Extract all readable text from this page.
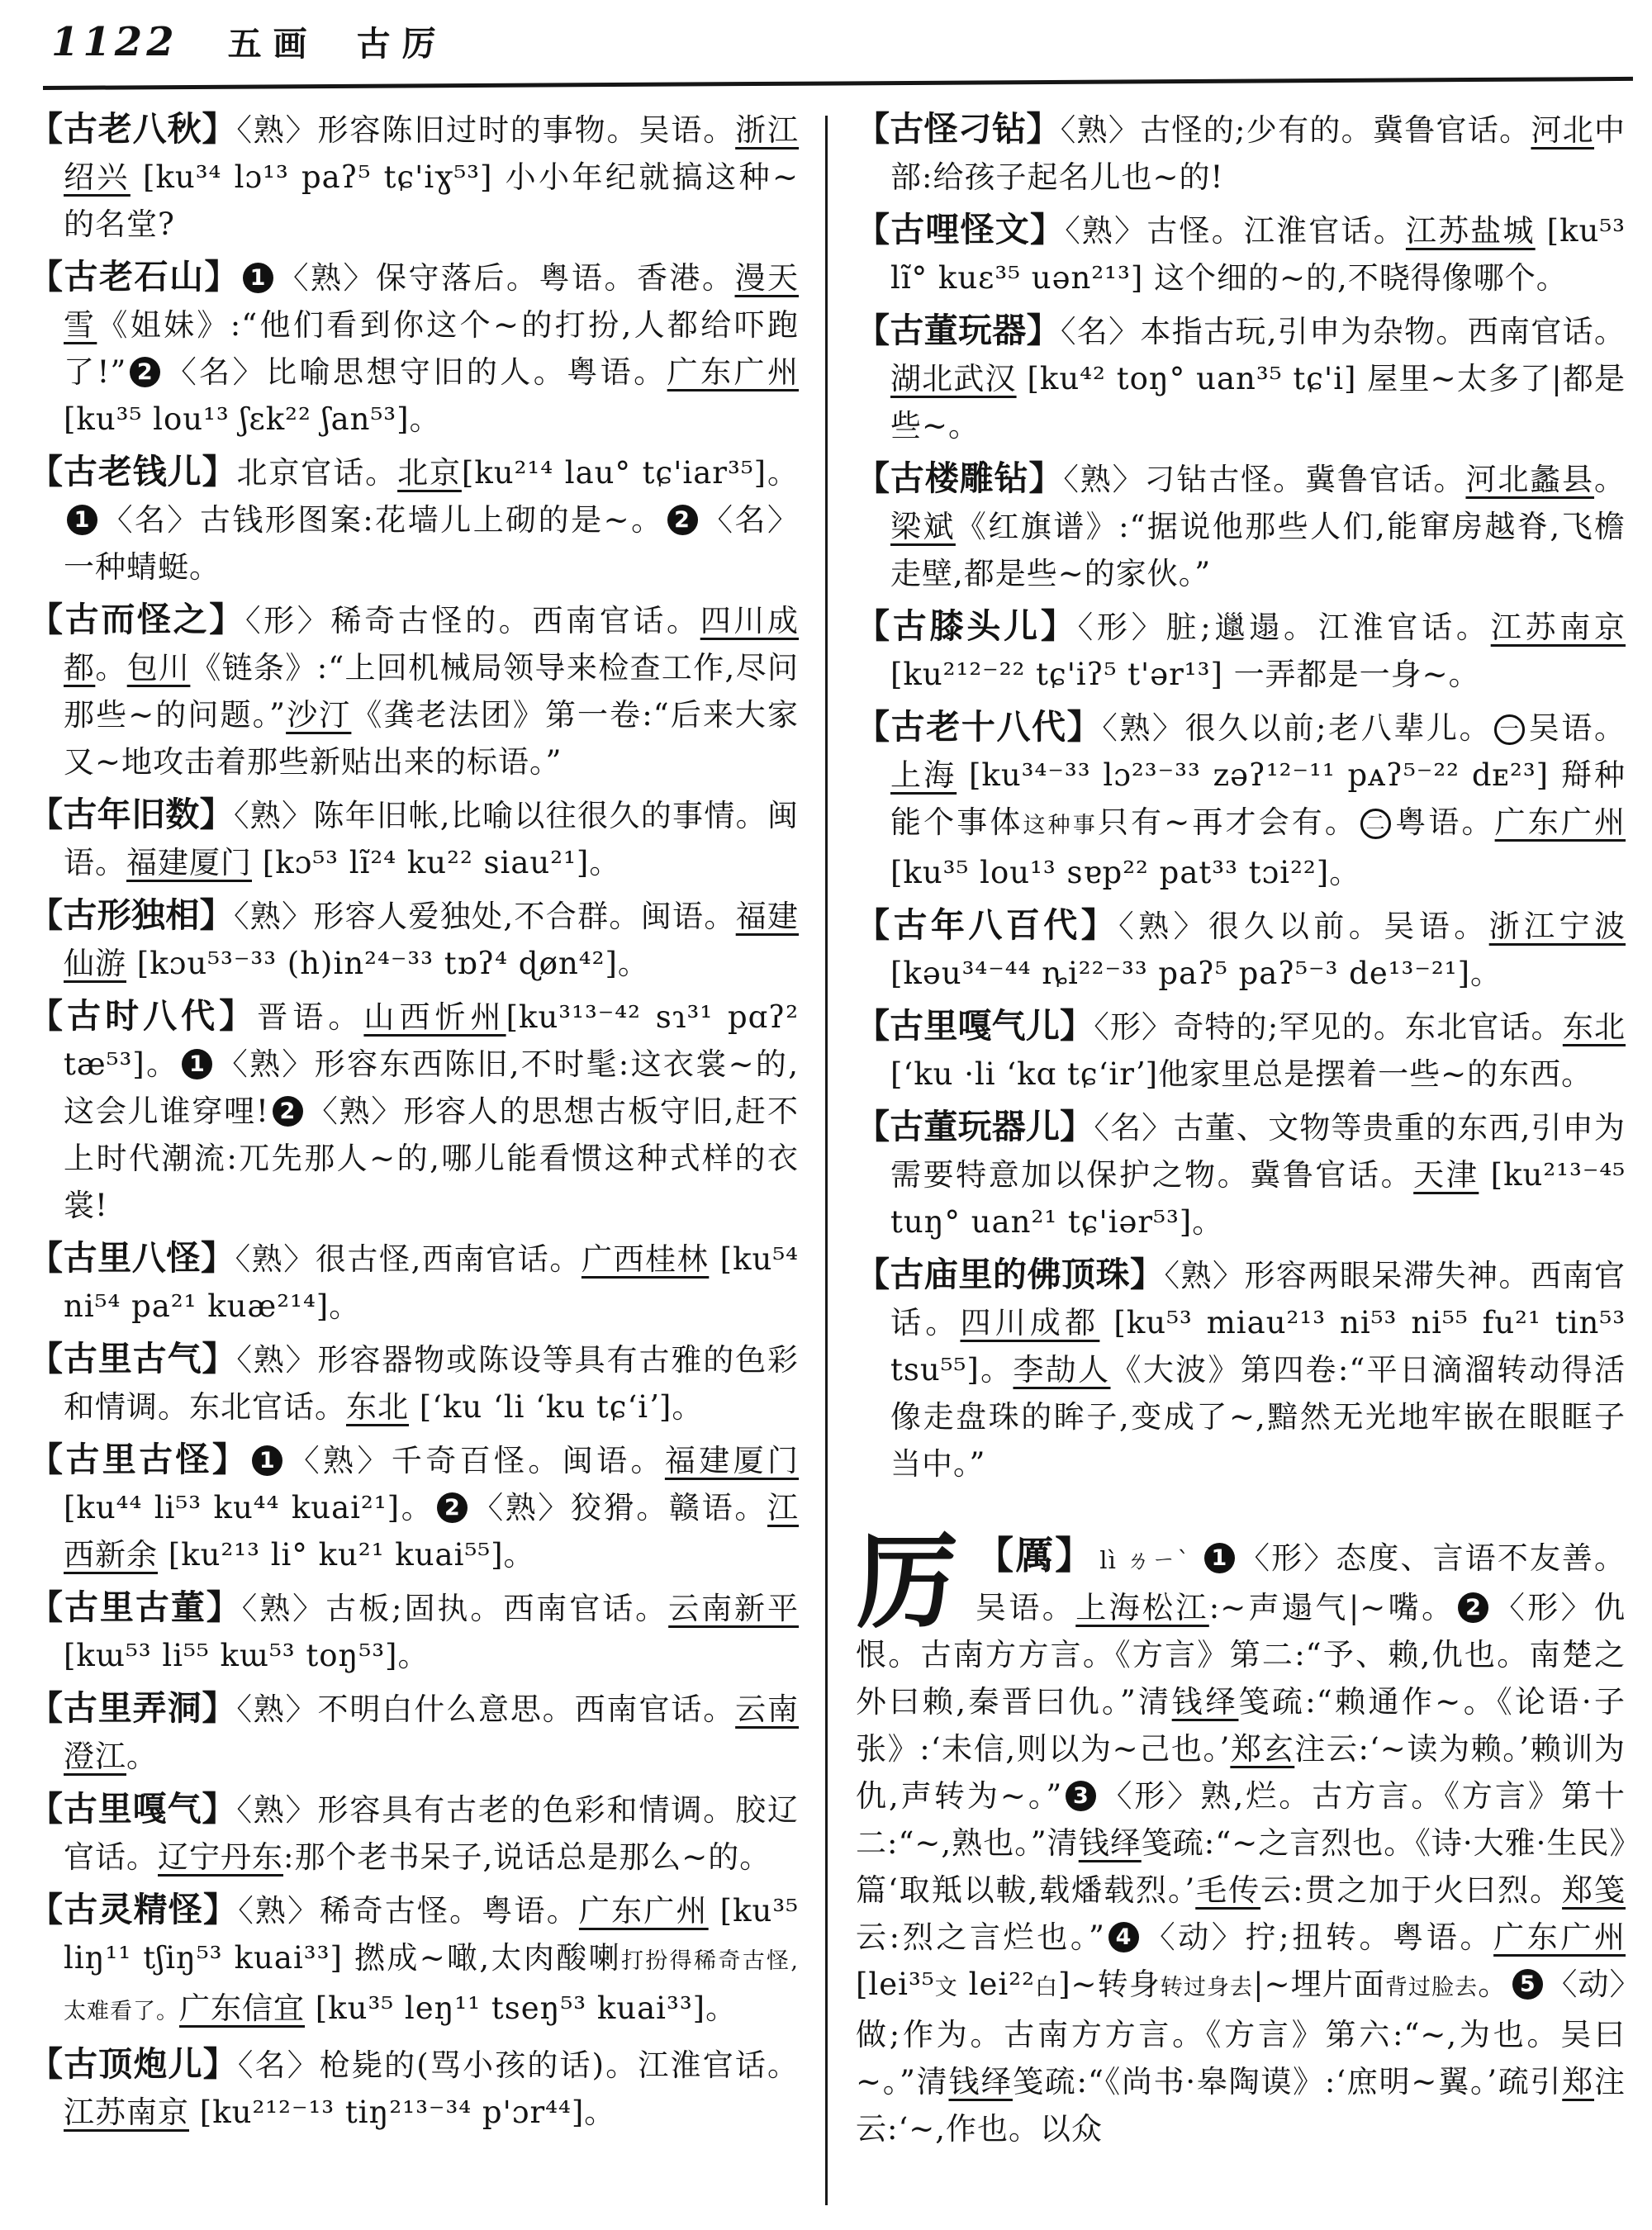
1122 五画 古厉

【古老八秋】〈熟〉形容陈旧过时的事物。吴语。浙江绍兴 [ku³⁴ lɔ¹³ paʔ⁵ tɕ'iɣ⁵³] 小小年纪就搞这种~的名堂?

【古老石山】 1 〈熟〉保守落后。粤语。香港。漫天雪《姐妹》:“他们看到你这个~的打扮,人都给吓跑了!” 2 〈名〉比喻思想守旧的人。粤语。广东广州 [ku³⁵ lou¹³ ʃɛk²² ʃan⁵³]。

【古老钱儿】北京官话。北京[ku²¹⁴ lau° tɕ'iar³⁵]。1 〈名〉古钱形图案:花墙儿上砌的是~。 2 〈名〉一种蜻蜓。

【古而怪之】〈形〉稀奇古怪的。西南官话。四川成都。包川《链条》:“上回机械局领导来检查工作,尽问那些~的问题。”沙汀《龚老法团》第一卷:“后来大家又~地攻击着那些新贴出来的标语。”

【古年旧数】〈熟〉陈年旧帐,比喻以往很久的事情。闽语。福建厦门 [kɔ⁵³ lĩ²⁴ ku²² siau²¹]。

【古形独相】〈熟〉形容人爱独处,不合群。闽语。福建仙游 [kɔu⁵³⁻³³ (h)in²⁴⁻³³ tɒʔ⁴ ɖøn⁴²]。

【古时八代】晋语。山西忻州[ku³¹³⁻⁴² sɿ³¹ pɑʔ² tæ⁵³]。 1 〈熟〉形容东西陈旧,不时髦:这衣裳~的,这会儿谁穿哩! 2 〈熟〉形容人的思想古板守旧,赶不上时代潮流:兀先那人~的,哪儿能看惯这种式样的衣裳!

【古里八怪】〈熟〉很古怪,西南官话。广西桂林 [ku⁵⁴ ni⁵⁴ pa²¹ kuæ²¹⁴]。

【古里古气】〈熟〉形容器物或陈设等具有古雅的色彩和情调。东北官话。东北 [ʻku ʻli ʻku tɕʻiʼ]。

【古里古怪】 1 〈熟〉千奇百怪。闽语。福建厦门 [ku⁴⁴ li⁵³ ku⁴⁴ kuai²¹]。 2 〈熟〉狡猾。赣语。江西新余 [ku²¹³ li° ku²¹ kuai⁵⁵]。

【古里古董】〈熟〉古板;固执。西南官话。云南新平 [kɯ⁵³ li⁵⁵ kɯ⁵³ toŋ⁵³]。

【古里弄洞】〈熟〉不明白什么意思。西南官话。云南澄江。

【古里嘎气】〈熟〉形容具有古老的色彩和情调。胶辽官话。辽宁丹东:那个老书呆子,说话总是那么~的。

【古灵精怪】〈熟〉稀奇古怪。粤语。广东广州 [ku³⁵ liŋ¹¹ tʃiŋ⁵³ kuai³³] 撚成~噉,太肉酸喇打扮得稀奇古怪,太难看了。广东信宜 [ku³⁵ leŋ¹¹ tseŋ⁵³ kuai³³]。

【古顶炮儿】〈名〉枪毙的(骂小孩的话)。江淮官话。江苏南京 [ku²¹²⁻¹³ tiŋ²¹³⁻³⁴ p'ɔr⁴⁴]。

【古怪刁钻】〈熟〉古怪的;少有的。冀鲁官话。河北中部:给孩子起名儿也~的!

【古哩怪文】〈熟〉古怪。江淮官话。江苏盐城 [ku⁵³ lĩ° kuɛ³⁵ uən²¹³] 这个细的~的,不晓得像哪个。

【古董玩器】〈名〉本指古玩,引申为杂物。西南官话。湖北武汉 [ku⁴² toŋ° uan³⁵ tɕ'i] 屋里~太多了|都是些~。

【古楼雕钻】〈熟〉刁钻古怪。冀鲁官话。河北蠡县。梁斌《红旗谱》:“据说他那些人们,能窜房越脊,飞檐走壁,都是些~的家伙。”

【古膝头儿】〈形〉脏;邋遢。江淮官话。江苏南京 [ku²¹²⁻²² tɕ'iʔ⁵ t'ər¹³] 一弄都是一身~。

【古老十八代】〈熟〉很久以前;老八辈儿。 一 吴语。上海 [ku³⁴⁻³³ lɔ²³⁻³³ zəʔ¹²⁻¹¹ pᴀʔ⁵⁻²² dᴇ²³] 搿种能个事体这种事只有~再才会有。 二 粤语。广东广州 [ku³⁵ lou¹³ sɐp²² pat³³ tɔi²²]。

【古年八百代】〈熟〉很久以前。吴语。浙江宁波 [kəu³⁴⁻⁴⁴ ȵi²²⁻³³ paʔ⁵ paʔ⁵⁻³ de¹³⁻²¹]。

【古里嘎气儿】〈形〉奇特的;罕见的。东北官话。东北[ʻku ·li ʻkɑ tɕʻirʼ]他家里总是摆着一些~的东西。

【古董玩器儿】〈名〉古董、文物等贵重的东西,引申为需要特意加以保护之物。冀鲁官话。天津 [ku²¹³⁻⁴⁵ tuŋ° uan²¹ tɕ'iər⁵³]。

【古庙里的佛顶珠】〈熟〉形容两眼呆滞失神。西南官话。四川成都 [ku⁵³ miau²¹³ ni⁵³ ni⁵⁵ fu²¹ tin⁵³ tsu⁵⁵]。李劼人《大波》第四卷:“平日滴溜转动得活像走盘珠的眸子,变成了~,黯然无光地牢嵌在眼眶子当中。”

厉 【厲】 lì ㄌㄧˋ 1 〈形〉态度、言语不友善。吴语。上海松江:~声遢气|~嘴。 2 〈形〉仇恨。古南方方言。《方言》第二:“予、赖,仇也。南楚之外曰赖,秦晋曰仇。”清钱绎笺疏:“赖通作~。《论语·子张》:‘未信,则以为~己也。’郑玄注云:‘~读为赖。’赖训为仇,声转为~。” 3 〈形〉熟,烂。古方言。《方言》第十二:“~,熟也。”清钱绎笺疏:“~之言烈也。《诗·大雅·生民》篇‘取羝以軷,载燔载烈。’毛传云:贯之加于火曰烈。郑笺云:烈之言烂也。” 4 〈动〉拧;扭转。粤语。广东广州[lei³⁵文 lei²²白]~转身转过身去|~埋片面背过脸去。 5 〈动〉做;作为。古南方方言。《方言》第六:“~,为也。吴曰~。”清钱绎笺疏:“《尚书·皋陶谟》:‘庶明~翼。’疏引郑注云:‘~,作也。以众
